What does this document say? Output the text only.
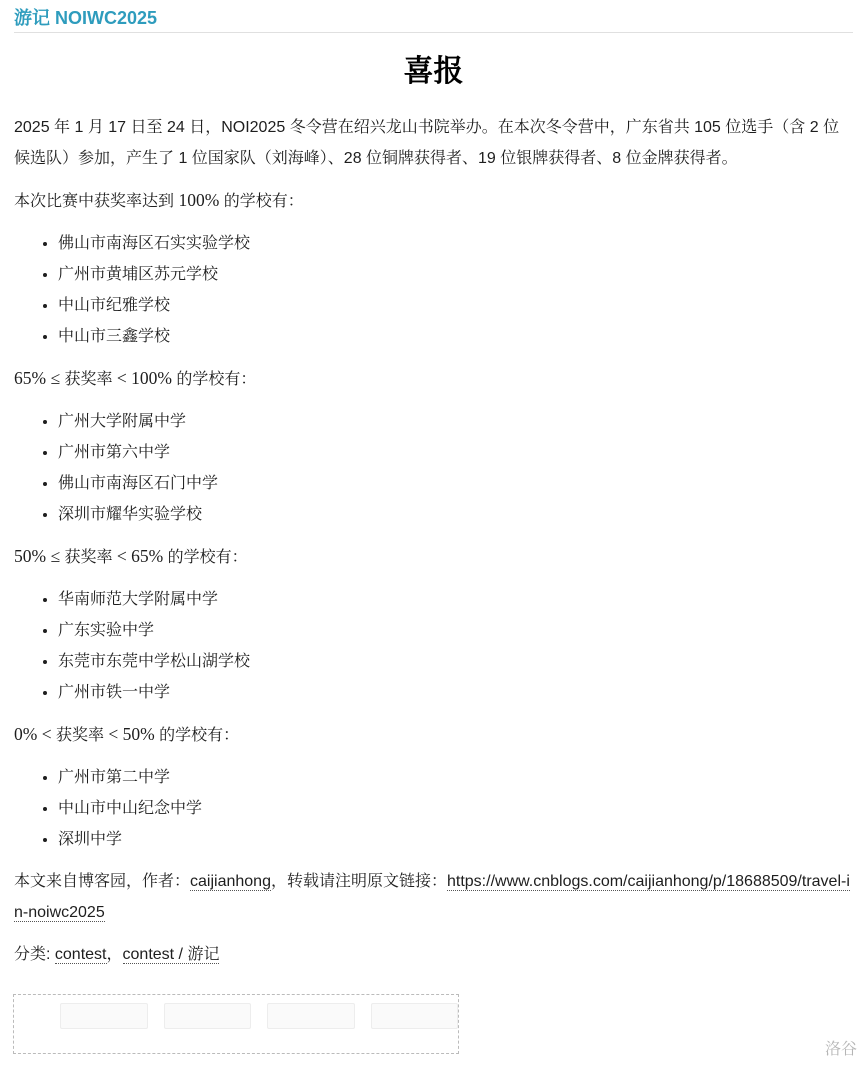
游记 NOIWC2025
喜报

2025 年 1 月 17 日至 24 日，NOI2025 冬令营在绍兴龙山书院举办。在本次冬令营中，广东省共 105 位选手（含 2 位候选队）参加，产生了 1 位国家队（刘海峰）、28 位铜牌获得者、19 位银牌获得者、8 位金牌获得者。

本次比赛中获奖率达到 100% 的学校有：

• 佛山市南海区石实实验学校
• 广州市黄埔区苏元学校
• 中山市纪雅学校
• 中山市三鑫学校

65% ≤ 获奖率 < 100% 的学校有：

• 广州大学附属中学
• 广州市第六中学
• 佛山市南海区石门中学
• 深圳市耀华实验学校

50% ≤ 获奖率 < 65% 的学校有：

• 华南师范大学附属中学
• 广东实验中学
• 东莞市东莞中学松山湖学校
• 广州市铁一中学

0% < 获奖率 < 50% 的学校有：

• 广州市第二中学
• 中山市中山纪念中学
• 深圳中学

本文来自博客园，作者：caijianhong，转载请注明原文链接：https://www.cnblogs.com/caijianhong/p/18688509/travel-in-noiwc2025

分类: contest，contest / 游记

洛谷
